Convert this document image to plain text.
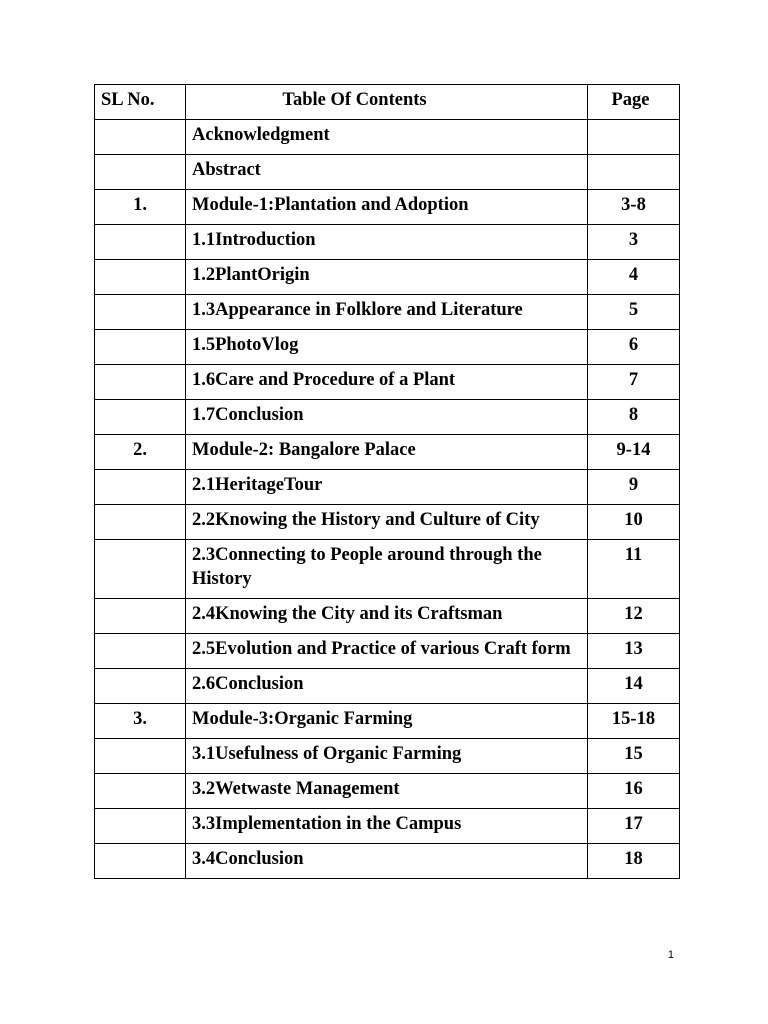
SL No.	Table Of Contents	Page
	Acknowledgment	
	Abstract	
1.	Module-1:Plantation and Adoption	3-8
	1.1Introduction	3
	1.2PlantOrigin	4
	1.3Appearance in Folklore and Literature	5
	1.5PhotoVlog	6
	1.6Care and Procedure of a Plant	7
	1.7Conclusion	8
2.	Module-2: Bangalore Palace	9-14
	2.1HeritageTour	9
	2.2Knowing the History and Culture of City	10
	2.3Connecting to People around through the History	11
	2.4Knowing the City and its Craftsman	12
	2.5Evolution and Practice of various Craft form	13
	2.6Conclusion	14
3.	Module-3:Organic Farming	15-18
	3.1Usefulness of Organic Farming	15
	3.2Wetwaste Management	16
	3.3Implementation in the Campus	17
	3.4Conclusion	18
1
